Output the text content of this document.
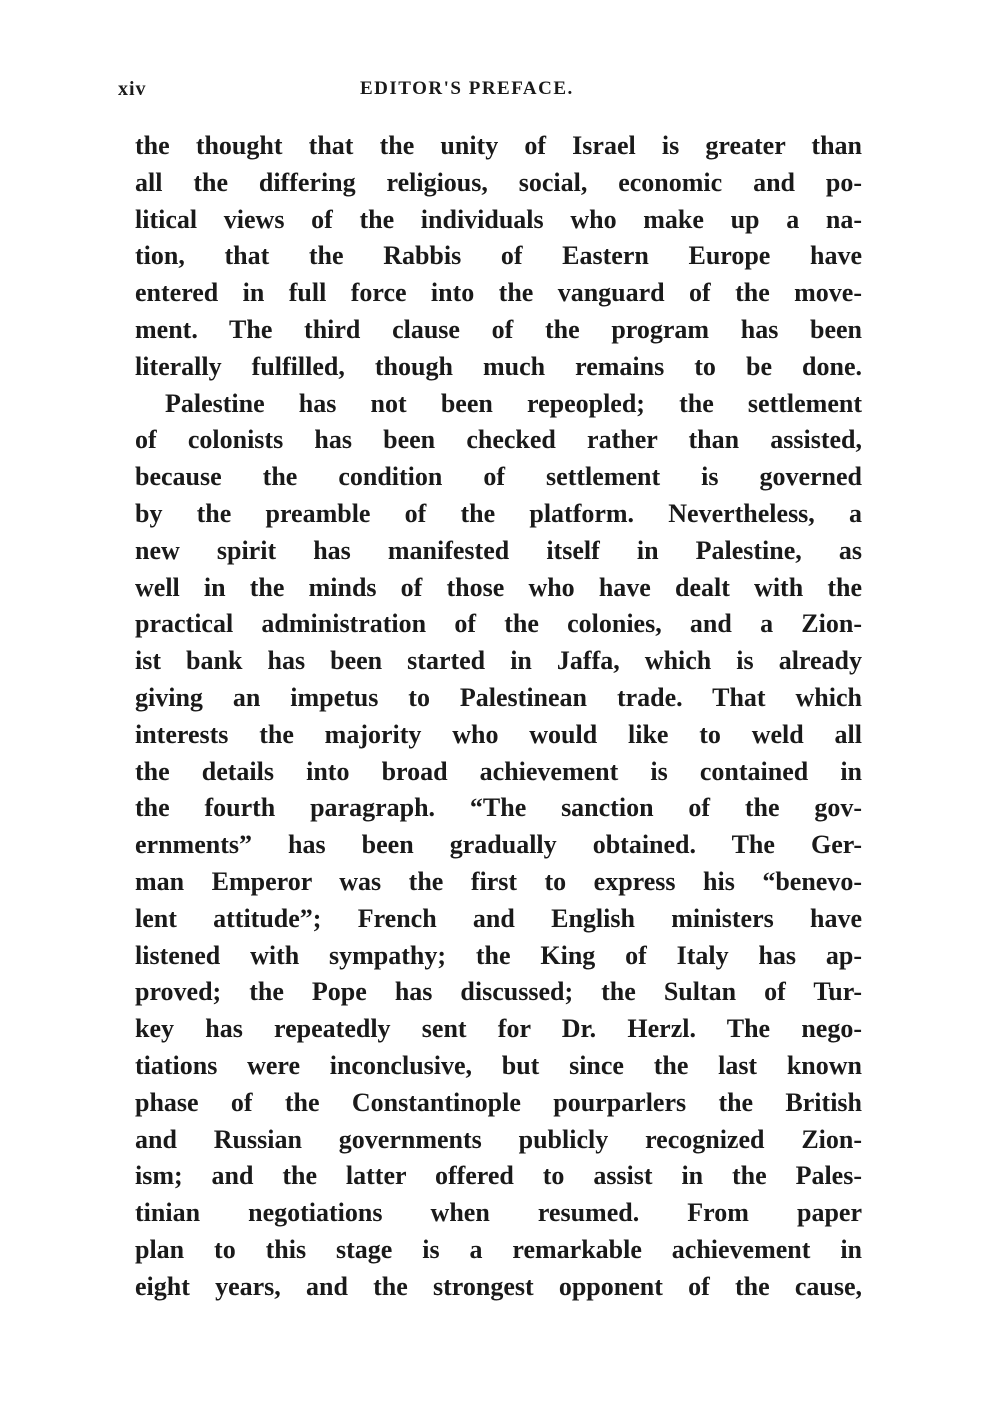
xiv	EDITOR'S PREFACE.
the thought that the unity of Israel is greater than
all the differing religious, social, economic and po-
litical views of the individuals who make up a na-
tion, that the Rabbis of Eastern Europe have
entered in full force into the vanguard of the move-
ment. The third clause of the program has been
literally fulfilled, though much remains to be done.
Palestine has not been repeopled; the settlement
of colonists has been checked rather than assisted,
because the condition of settlement is governed
by the preamble of the platform. Nevertheless, a
new spirit has manifested itself in Palestine, as
well in the minds of those who have dealt with the
practical administration of the colonies, and a Zion-
ist bank has been started in Jaffa, which is already
giving an impetus to Palestinean trade. That which
interests the majority who would like to weld all
the details into broad achievement is contained in
the fourth paragraph. “The sanction of the gov-
ernments” has been gradually obtained. The Ger-
man Emperor was the first to express his “benevo-
lent attitude”; French and English ministers have
listened with sympathy; the King of Italy has ap-
proved; the Pope has discussed; the Sultan of Tur-
key has repeatedly sent for Dr. Herzl. The nego-
tiations were inconclusive, but since the last known
phase of the Constantinople pourparlers the British
and Russian governments publicly recognized Zion-
ism; and the latter offered to assist in the Pales-
tinian negotiations when resumed. From paper
plan to this stage is a remarkable achievement in
eight years, and the strongest opponent of the cause,
